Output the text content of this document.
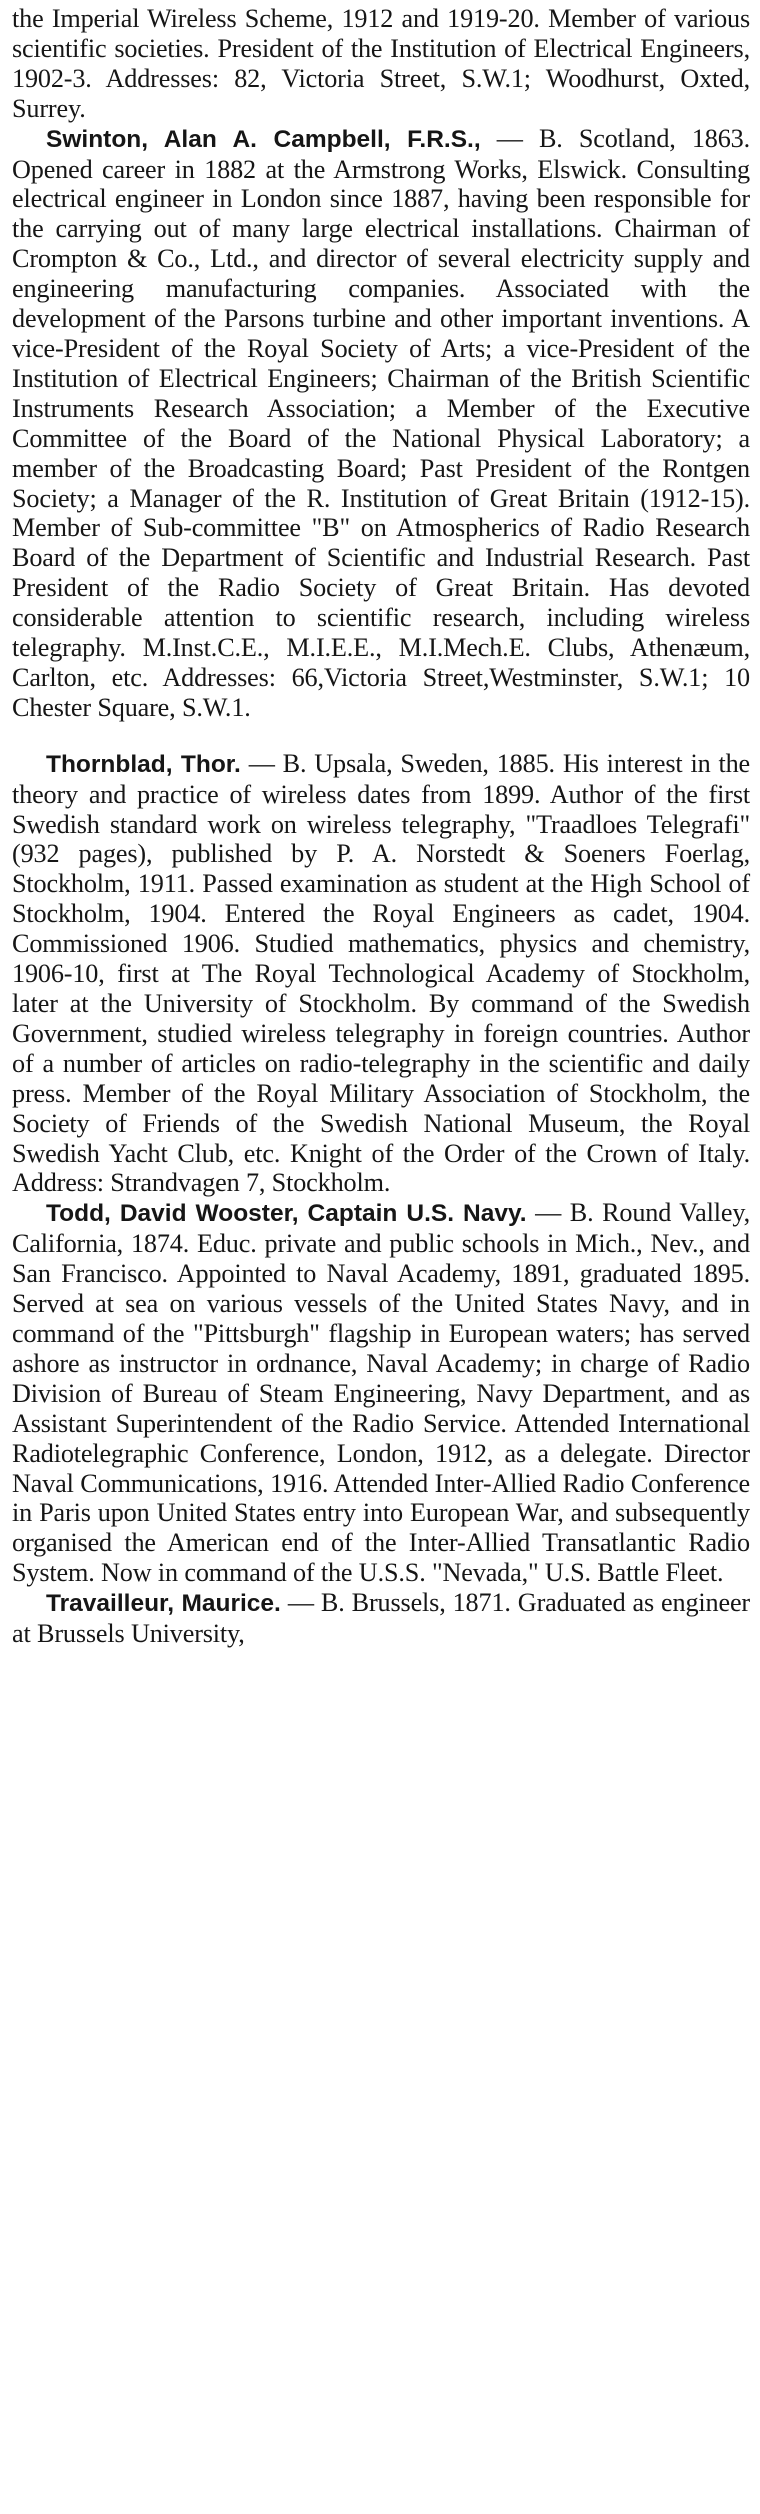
the Imperial Wireless Scheme, 1912 and 1919-20. Member of various scientific societies. President of the Institution of Electrical Engineers, 1902-3. Addresses: 82, Victoria Street, S.W.1; Woodhurst, Oxted, Surrey.

Swinton, Alan A. Campbell, F.R.S., — B. Scotland, 1863. Opened career in 1882 at the Armstrong Works, Elswick. Consulting electrical engineer in London since 1887, having been responsible for the carrying out of many large electrical installations. Chairman of Crompton & Co., Ltd., and director of several electricity supply and engineering manufacturing companies. Associated with the development of the Parsons turbine and other important inventions. A vice-President of the Royal Society of Arts; a vice-President of the Institution of Electrical Engineers; Chairman of the British Scientific Instruments Research Association; a Member of the Executive Committee of the Board of the National Physical Laboratory; a member of the Broadcasting Board; Past President of the Rontgen Society; a Manager of the R. Institution of Great Britain (1912-15). Member of Sub-committee "B" on Atmospherics of Radio Research Board of the Department of Scientific and Industrial Research. Past President of the Radio Society of Great Britain. Has devoted considerable attention to scientific research, including wireless telegraphy. M.Inst.C.E., M.I.E.E., M.I.Mech.E. Clubs, Athenæum, Carlton, etc. Addresses: 66,Victoria Street,Westminster, S.W.1; 10 Chester Square, S.W.1.

Thornblad, Thor. — B. Upsala, Sweden, 1885. His interest in the theory and practice of wireless dates from 1899. Author of the first Swedish standard work on wireless telegraphy, "Traadloes Telegrafi" (932 pages), published by P. A. Norstedt & Soeners Foerlag, Stockholm, 1911. Passed examination as student at the High School of Stockholm, 1904. Entered the Royal Engineers as cadet, 1904. Commissioned 1906. Studied mathematics, physics and chemistry, 1906-10, first at The Royal Technological Academy of Stockholm, later at the University of Stockholm. By command of the Swedish Government, studied wireless telegraphy in foreign countries. Author of a number of articles on radio-telegraphy in the scientific and daily press. Member of the Royal Military Association of Stockholm, the Society of Friends of the Swedish National Museum, the Royal Swedish Yacht Club, etc. Knight of the Order of the Crown of Italy. Address: Strandvagen 7, Stockholm.

Todd, David Wooster, Captain U.S. Navy. — B. Round Valley, California, 1874. Educ. private and public schools in Mich., Nev., and San Francisco. Appointed to Naval Academy, 1891, graduated 1895. Served at sea on various vessels of the United States Navy, and in command of the "Pittsburgh" flagship in European waters; has served ashore as instructor in ordnance, Naval Academy; in charge of Radio Division of Bureau of Steam Engineering, Navy Department, and as Assistant Superintendent of the Radio Service. Attended International Radiotelegraphic Conference, London, 1912, as a delegate. Director Naval Communications, 1916. Attended Inter-Allied Radio Conference in Paris upon United States entry into European War, and subsequently organised the American end of the Inter-Allied Transatlantic Radio System. Now in command of the U.S.S. "Nevada," U.S. Battle Fleet.

Travailleur, Maurice. — B. Brussels, 1871. Graduated as engineer at Brussels University,
